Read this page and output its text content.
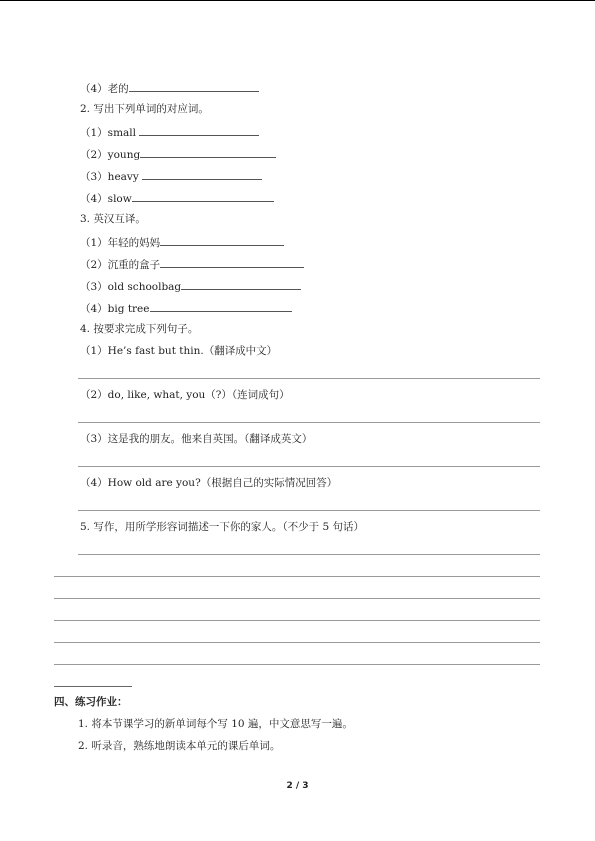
（4）老的
2. 写出下列单词的对应词。
（1）small
（2）young
（3）heavy
（4）slow
3. 英汉互译。
（1）年轻的妈妈
（2）沉重的盒子
（3）old schoolbag
（4）big tree
4. 按要求完成下列句子。
（1）He’s fast but thin.（翻译成中文）
（2）do, like, what, you（?）（连词成句）
（3）这是我的朋友。他来自英国。（翻译成英文）
（4）How old are you?（根据自己的实际情况回答）
5. 写作，用所学形容词描述一下你的家人。（不少于 5 句话）
四、练习作业：
1. 将本节课学习的新单词每个写 10 遍，中文意思写一遍。
2. 听录音，熟练地朗读本单元的课后单词。
2 / 3
